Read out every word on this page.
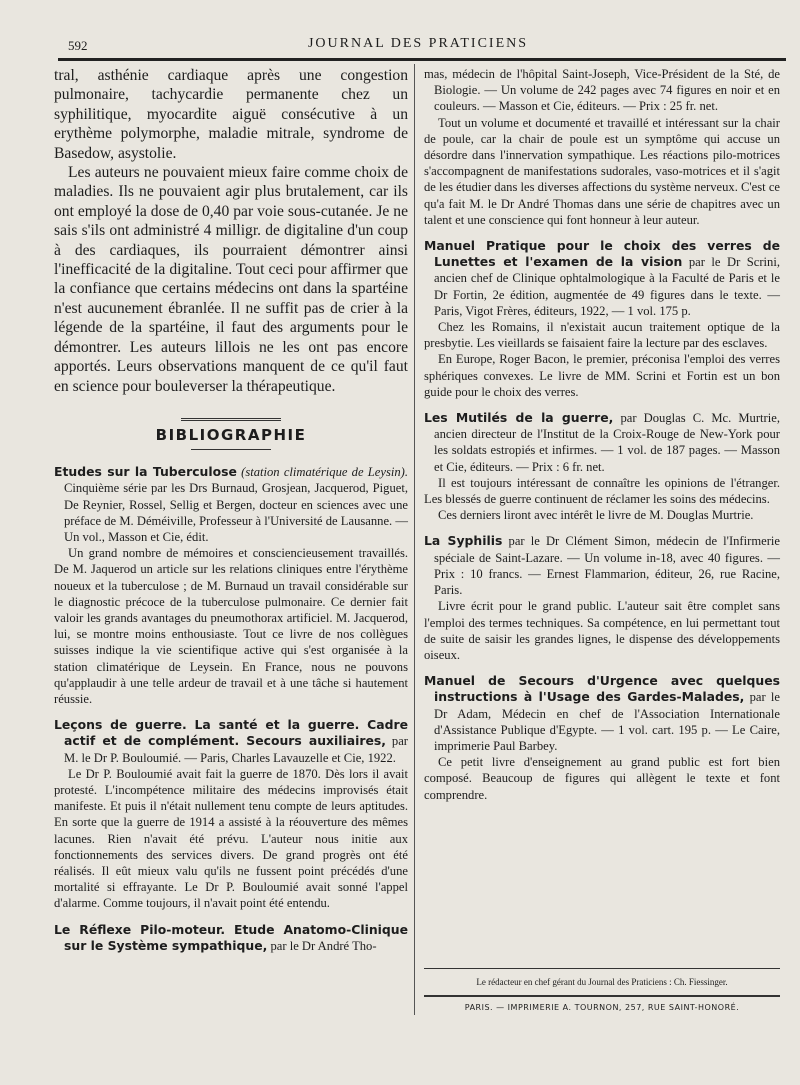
592	JOURNAL DES PRATICIENS

tral, asthénie cardiaque après une congestion pulmonaire, tachycardie permanente chez un syphilitique, myocardite aiguë consécutive à un erythème polymorphe, maladie mitrale, syndrome de Basedow, asystolie.

Les auteurs ne pouvaient mieux faire comme choix de maladies. Ils ne pouvaient agir plus brutalement, car ils ont employé la dose de 0,40 par voie sous-cutanée. Je ne sais s'ils ont administré 4 milligr. de digitaline d'un coup à des cardiaques, ils pourraient démontrer ainsi l'inefficacité de la digitaline. Tout ceci pour affirmer que la confiance que certains médecins ont dans la spartéine n'est aucunement ébranlée. Il ne suffit pas de crier à la légende de la spartéine, il faut des arguments pour le démontrer. Les auteurs lillois ne les ont pas encore apportés. Leurs observations manquent de ce qu'il faut en science pour bouleverser la thérapeutique.

BIBLIOGRAPHIE

Etudes sur la Tuberculose (station climatérique de Leysin). Cinquième série par les Drs Burnaud, Grosjean, Jacquerod, Piguet, De Reynier, Rossel, Sellig et Bergen, docteur en sciences avec une préface de M. Déméiville, Professeur à l'Université de Lausanne. — Un vol., Masson et Cie, édit.

Un grand nombre de mémoires et consciencieusement travaillés. De M. Jaquerod un article sur les relations cliniques entre l'érythème noueux et la tuberculose ; de M. Burnaud un travail considérable sur le diagnostic précoce de la tuberculose pulmonaire. Ce dernier fait valoir les grands avantages du pneumothorax artificiel. M. Jacquerod, lui, se montre moins enthousiaste. Tout ce livre de nos collègues suisses indique la vie scientifique active qui s'est organisée à la station climatérique de Leysein. En France, nous ne pouvons qu'applaudir à une telle ardeur de travail et à une tâche si hautement réussie.

Leçons de guerre. La santé et la guerre. Cadre actif et de complément. Secours auxiliaires, par M. le Dr P. Bouloumié. — Paris, Charles Lavauzelle et Cie, 1922.

Le Dr P. Bouloumié avait fait la guerre de 1870. Dès lors il avait protesté. L'incompétence militaire des médecins improvisés était manifeste. Et puis il n'était nullement tenu compte de leurs aptitudes. En sorte que la guerre de 1914 a assisté à la réouverture des mêmes lacunes. Rien n'avait été prévu. L'auteur nous initie aux fonctionnements des services divers. De grand progrès ont été réalisés. Il eût mieux valu qu'ils ne fussent point précédés d'une mortalité si effrayante. Le Dr P. Bouloumié avait sonné l'appel d'alarme. Comme toujours, il n'avait point été entendu.

Le Réflexe Pilo-moteur. Etude Anatomo-Clinique sur le Système sympathique, par le Dr André Tho-

mas, médecin de l'hôpital Saint-Joseph, Vice-Président de la Sté, de Biologie. — Un volume de 242 pages avec 74 figures en noir et en couleurs. — Masson et Cie, éditeurs. — Prix : 25 fr. net.

Tout un volume et documenté et travaillé et intéressant sur la chair de poule, car la chair de poule est un symptôme qui accuse un désordre dans l'innervation sympathique. Les réactions pilo-motrices s'accompagnent de manifestations sudorales, vaso-motrices et il s'agit de les étudier dans les diverses affections du système nerveux. C'est ce qu'a fait M. le Dr André Thomas dans une série de chapitres avec un talent et une conscience qui font honneur à leur auteur.

Manuel Pratique pour le choix des verres de Lunettes et l'examen de la vision par le Dr Scrini, ancien chef de Clinique ophtalmologique à la Faculté de Paris et le Dr Fortin, 2e édition, augmentée de 49 figures dans le texte. — Paris, Vigot Frères, éditeurs, 1922, — 1 vol. 175 p.

Chez les Romains, il n'existait aucun traitement optique de la presbytie. Les vieillards se faisaient faire la lecture par des esclaves.

En Europe, Roger Bacon, le premier, préconisa l'emploi des verres sphériques convexes. Le livre de MM. Scrini et Fortin est un bon guide pour le choix des verres.

Les Mutilés de la guerre, par Douglas C. Mc. Murtrie, ancien directeur de l'Institut de la Croix-Rouge de New-York pour les soldats estropiés et infirmes. — 1 vol. de 187 pages. — Masson et Cie, éditeurs. — Prix : 6 fr. net.

Il est toujours intéressant de connaître les opinions de l'étranger. Les blessés de guerre continuent de réclamer les soins des médecins.

Ces derniers liront avec intérêt le livre de M. Douglas Murtrie.

La Syphilis par le Dr Clément Simon, médecin de l'Infirmerie spéciale de Saint-Lazare. — Un volume in-18, avec 40 figures. — Prix : 10 francs. — Ernest Flammarion, éditeur, 26, rue Racine, Paris.

Livre écrit pour le grand public. L'auteur sait être complet sans l'emploi des termes techniques. Sa compétence, en lui permettant tout de suite de saisir les grandes lignes, le dispense des développements oiseux.

Manuel de Secours d'Urgence avec quelques instructions à l'Usage des Gardes-Malades, par le Dr Adam, Médecin en chef de l'Association Internationale d'Assistance Publique d'Egypte. — 1 vol. cart. 195 p. — Le Caire, imprimerie Paul Barbey.

Ce petit livre d'enseignement au grand public est fort bien composé. Beaucoup de figures qui allègent le texte et font comprendre.

Le rédacteur en chef gérant du Journal des Praticiens : Ch. Fiessinger.
PARIS. — IMPRIMERIE A. TOURNON, 257, RUE SAINT-HONORÉ.
